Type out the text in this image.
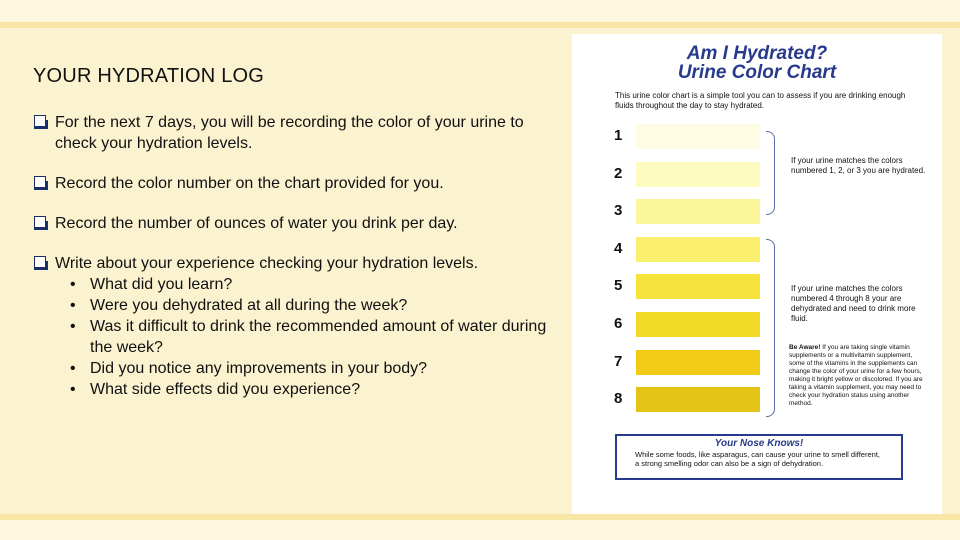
YOUR HYDRATION LOG
For the next 7 days, you will be recording the color of your urine to check your hydration levels.
Record the color number on the chart provided for you.
Record the number of ounces of water you drink per day.
Write about your experience checking your hydration levels.
• What did you learn?
• Were you dehydrated at all during the week?
• Was it difficult to drink the recommended amount of water during the week?
• Did you notice any improvements in your body?
• What side effects did you experience?
Am I Hydrated?
Urine Color Chart
This urine color chart is a simple tool you can to assess if you are drinking enough fluids throughout the day to stay hydrated.
1
2
3
4
5
6
7
8
If your urine matches the colors numbered 1, 2, or 3 you are hydrated.
If your urine matches the colors numbered 4 through 8 your are dehydrated and need to drink more fluid.
Be Aware! If you are taking single vitamin supplements or a multivitamin supplement, some of the vitamins in the supplements can change the color of your urine for a few hours, making it bright yellow or discolored. If you are taking a vitamin supplement, you may need to check your hydration status using another method.
Your Nose Knows!
While some foods, like asparagus, can cause your urine to smell different, a strong smelling odor can also be a sign of dehydration.
